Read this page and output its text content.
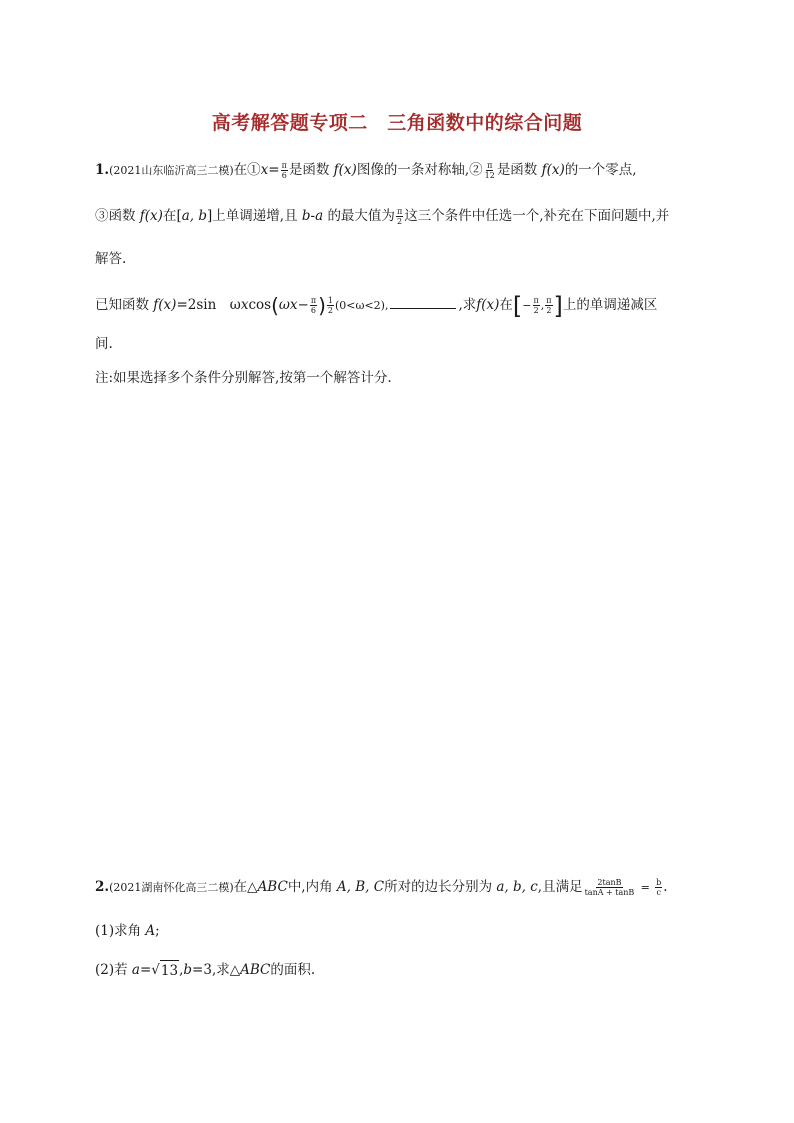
高考解答题专项二　三角函数中的综合问题
1.(2021山东临沂高三二模)在①x= $\frac{\pi}{6}$ 是函数 f(x)图像的一条对称轴,② $\frac{\pi}{12}$ 是函数 f(x)的一个零点,
③函数 f(x)在[a, b]上单调递增,且 b-a 的最大值为 $\frac{\pi}{2}$ 这三个条件中任选一个,补充在下面问题中,并
解答.
已知函数 f(x)=2sin　$\omega xcos(\omega x- \frac{\pi}{6}$ ) $\frac{1}{2} (0<\omega<2)$,	,求f(x)在[− $\frac{\pi}{2}$ , $\frac{\pi}{2}$ ]上的单调递减区
间.
注:如果选择多个条件分别解答,按第一个解答计分.
2.(2021湖南怀化高三二模)在△ABC中,内角 A, B, C所对的边长分别为 a, b, c,且满足 $\frac{2\tan B}{\tan A + \tan B} = \frac{b}{c}$ .
(1)求角 A;
(2)若 a= √ 13 ,b=3,求△ABC的面积.
